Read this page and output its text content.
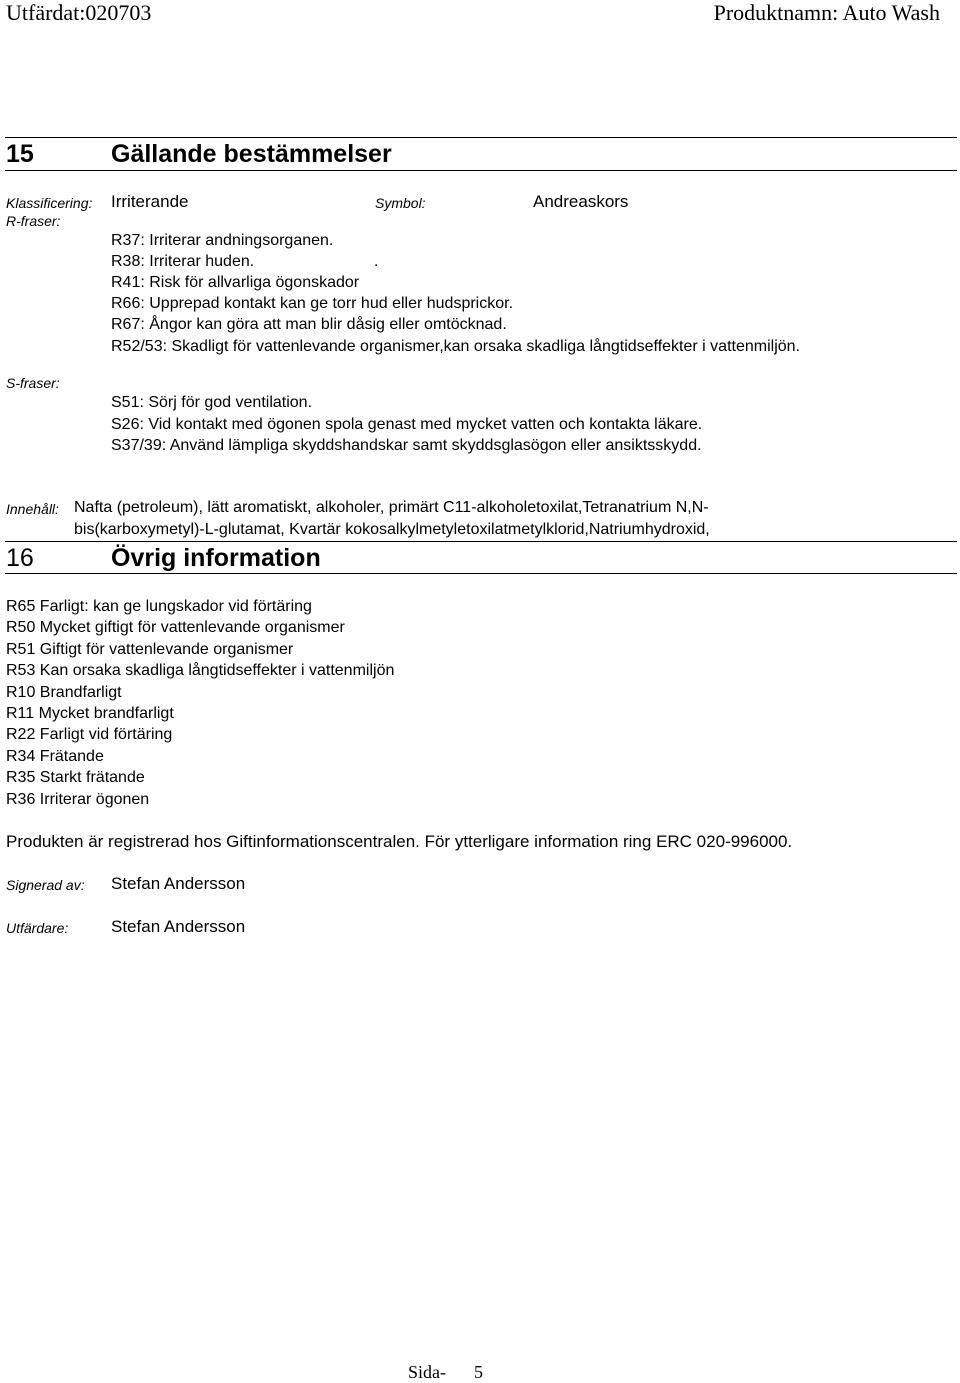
Utfärdat:020703	Produktnamn: Auto Wash
15	Gällande bestämmelser
Klassificering: Irriterande	Symbol:	Andreaskors
R-fraser:
R37: Irriterar andningsorganen.
R38: Irriterar huden.	.
R41: Risk för allvarliga ögonskador
R66: Upprepad kontakt kan ge torr hud eller hudsprickor.
R67: Ångor kan göra att man blir dåsig eller omtöcknad.
R52/53: Skadligt för vattenlevande organismer,kan orsaka skadliga långtidseffekter i vattenmiljön.
S-fraser:
S51: Sörj för god ventilation.
S26: Vid kontakt med ögonen spola genast med mycket vatten och kontakta läkare.
S37/39: Använd lämpliga skyddshandskar samt skyddsglasögon eller ansiktsskydd.
Innehåll: Nafta (petroleum), lätt aromatiskt, alkoholer, primärt C11-alkoholetoxilat,Tetranatrium N,N-
bis(karboxymetyl)-L-glutamat, Kvartär kokosalkylmetyletoxilatmetylklorid,Natriumhydroxid,
16	Övrig information
R65 Farligt: kan ge lungskador vid förtäring
R50 Mycket giftigt för vattenlevande organismer
R51 Giftigt för vattenlevande organismer
R53 Kan orsaka skadliga långtidseffekter i vattenmiljön
R10 Brandfarligt
R11 Mycket brandfarligt
R22 Farligt vid förtäring
R34 Frätande
R35 Starkt frätande
R36 Irriterar ögonen
Produkten är registrerad hos Giftinformationscentralen. För ytterligare information ring ERC 020-996000.
Signerad av: Stefan Andersson
Utfärdare:	Stefan Andersson
Sida- 5
